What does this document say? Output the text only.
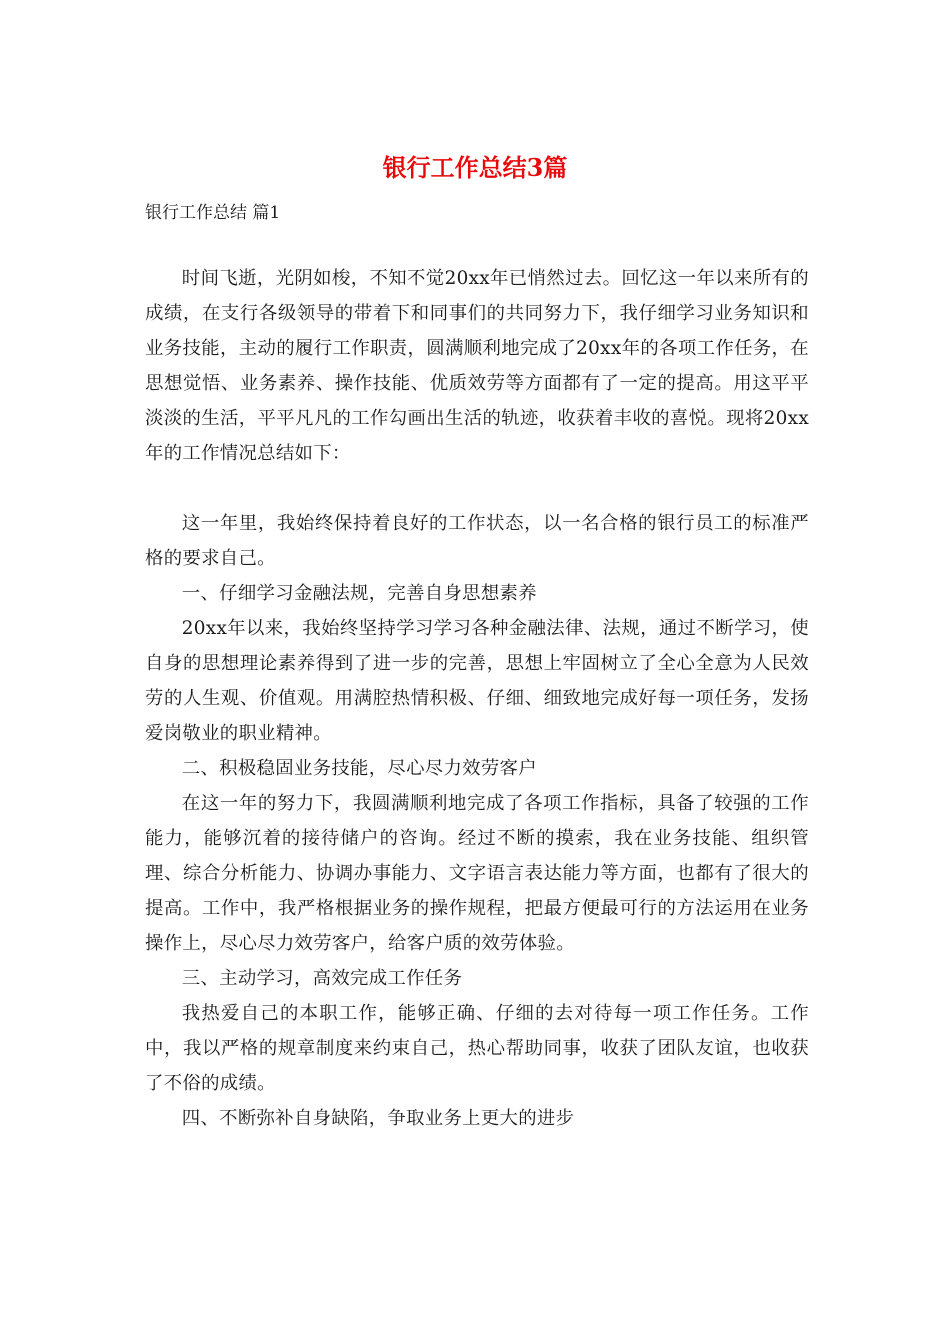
银行工作总结3篇
银行工作总结 篇1

时间飞逝，光阴如梭，不知不觉20xx年已悄然过去。回忆这一年以来所有的成绩，在支行各级领导的带着下和同事们的共同努力下，我仔细学习业务知识和业务技能，主动的履行工作职责，圆满顺利地完成了20xx年的各项工作任务，在思想觉悟、业务素养、操作技能、优质效劳等方面都有了一定的提高。用这平平淡淡的生活，平平凡凡的工作勾画出生活的轨迹，收获着丰收的喜悦。现将20xx年的工作情况总结如下：

这一年里，我始终保持着良好的工作状态，以一名合格的银行员工的标准严格的要求自己。

一、仔细学习金融法规，完善自身思想素养

20xx年以来，我始终坚持学习学习各种金融法律、法规，通过不断学习，使自身的思想理论素养得到了进一步的完善，思想上牢固树立了全心全意为人民效劳的人生观、价值观。用满腔热情积极、仔细、细致地完成好每一项任务，发扬爱岗敬业的职业精神。

二、积极稳固业务技能，尽心尽力效劳客户

在这一年的努力下，我圆满顺利地完成了各项工作指标，具备了较强的工作能力，能够沉着的接待储户的咨询。经过不断的摸索，我在业务技能、组织管理、综合分析能力、协调办事能力、文字语言表达能力等方面，也都有了很大的提高。工作中，我严格根据业务的操作规程，把最方便最可行的方法运用在业务操作上，尽心尽力效劳客户，给客户质的效劳体验。

三、主动学习，高效完成工作任务

我热爱自己的本职工作，能够正确、仔细的去对待每一项工作任务。工作中，我以严格的规章制度来约束自己，热心帮助同事，收获了团队友谊，也收获了不俗的成绩。

四、不断弥补自身缺陷，争取业务上更大的进步
